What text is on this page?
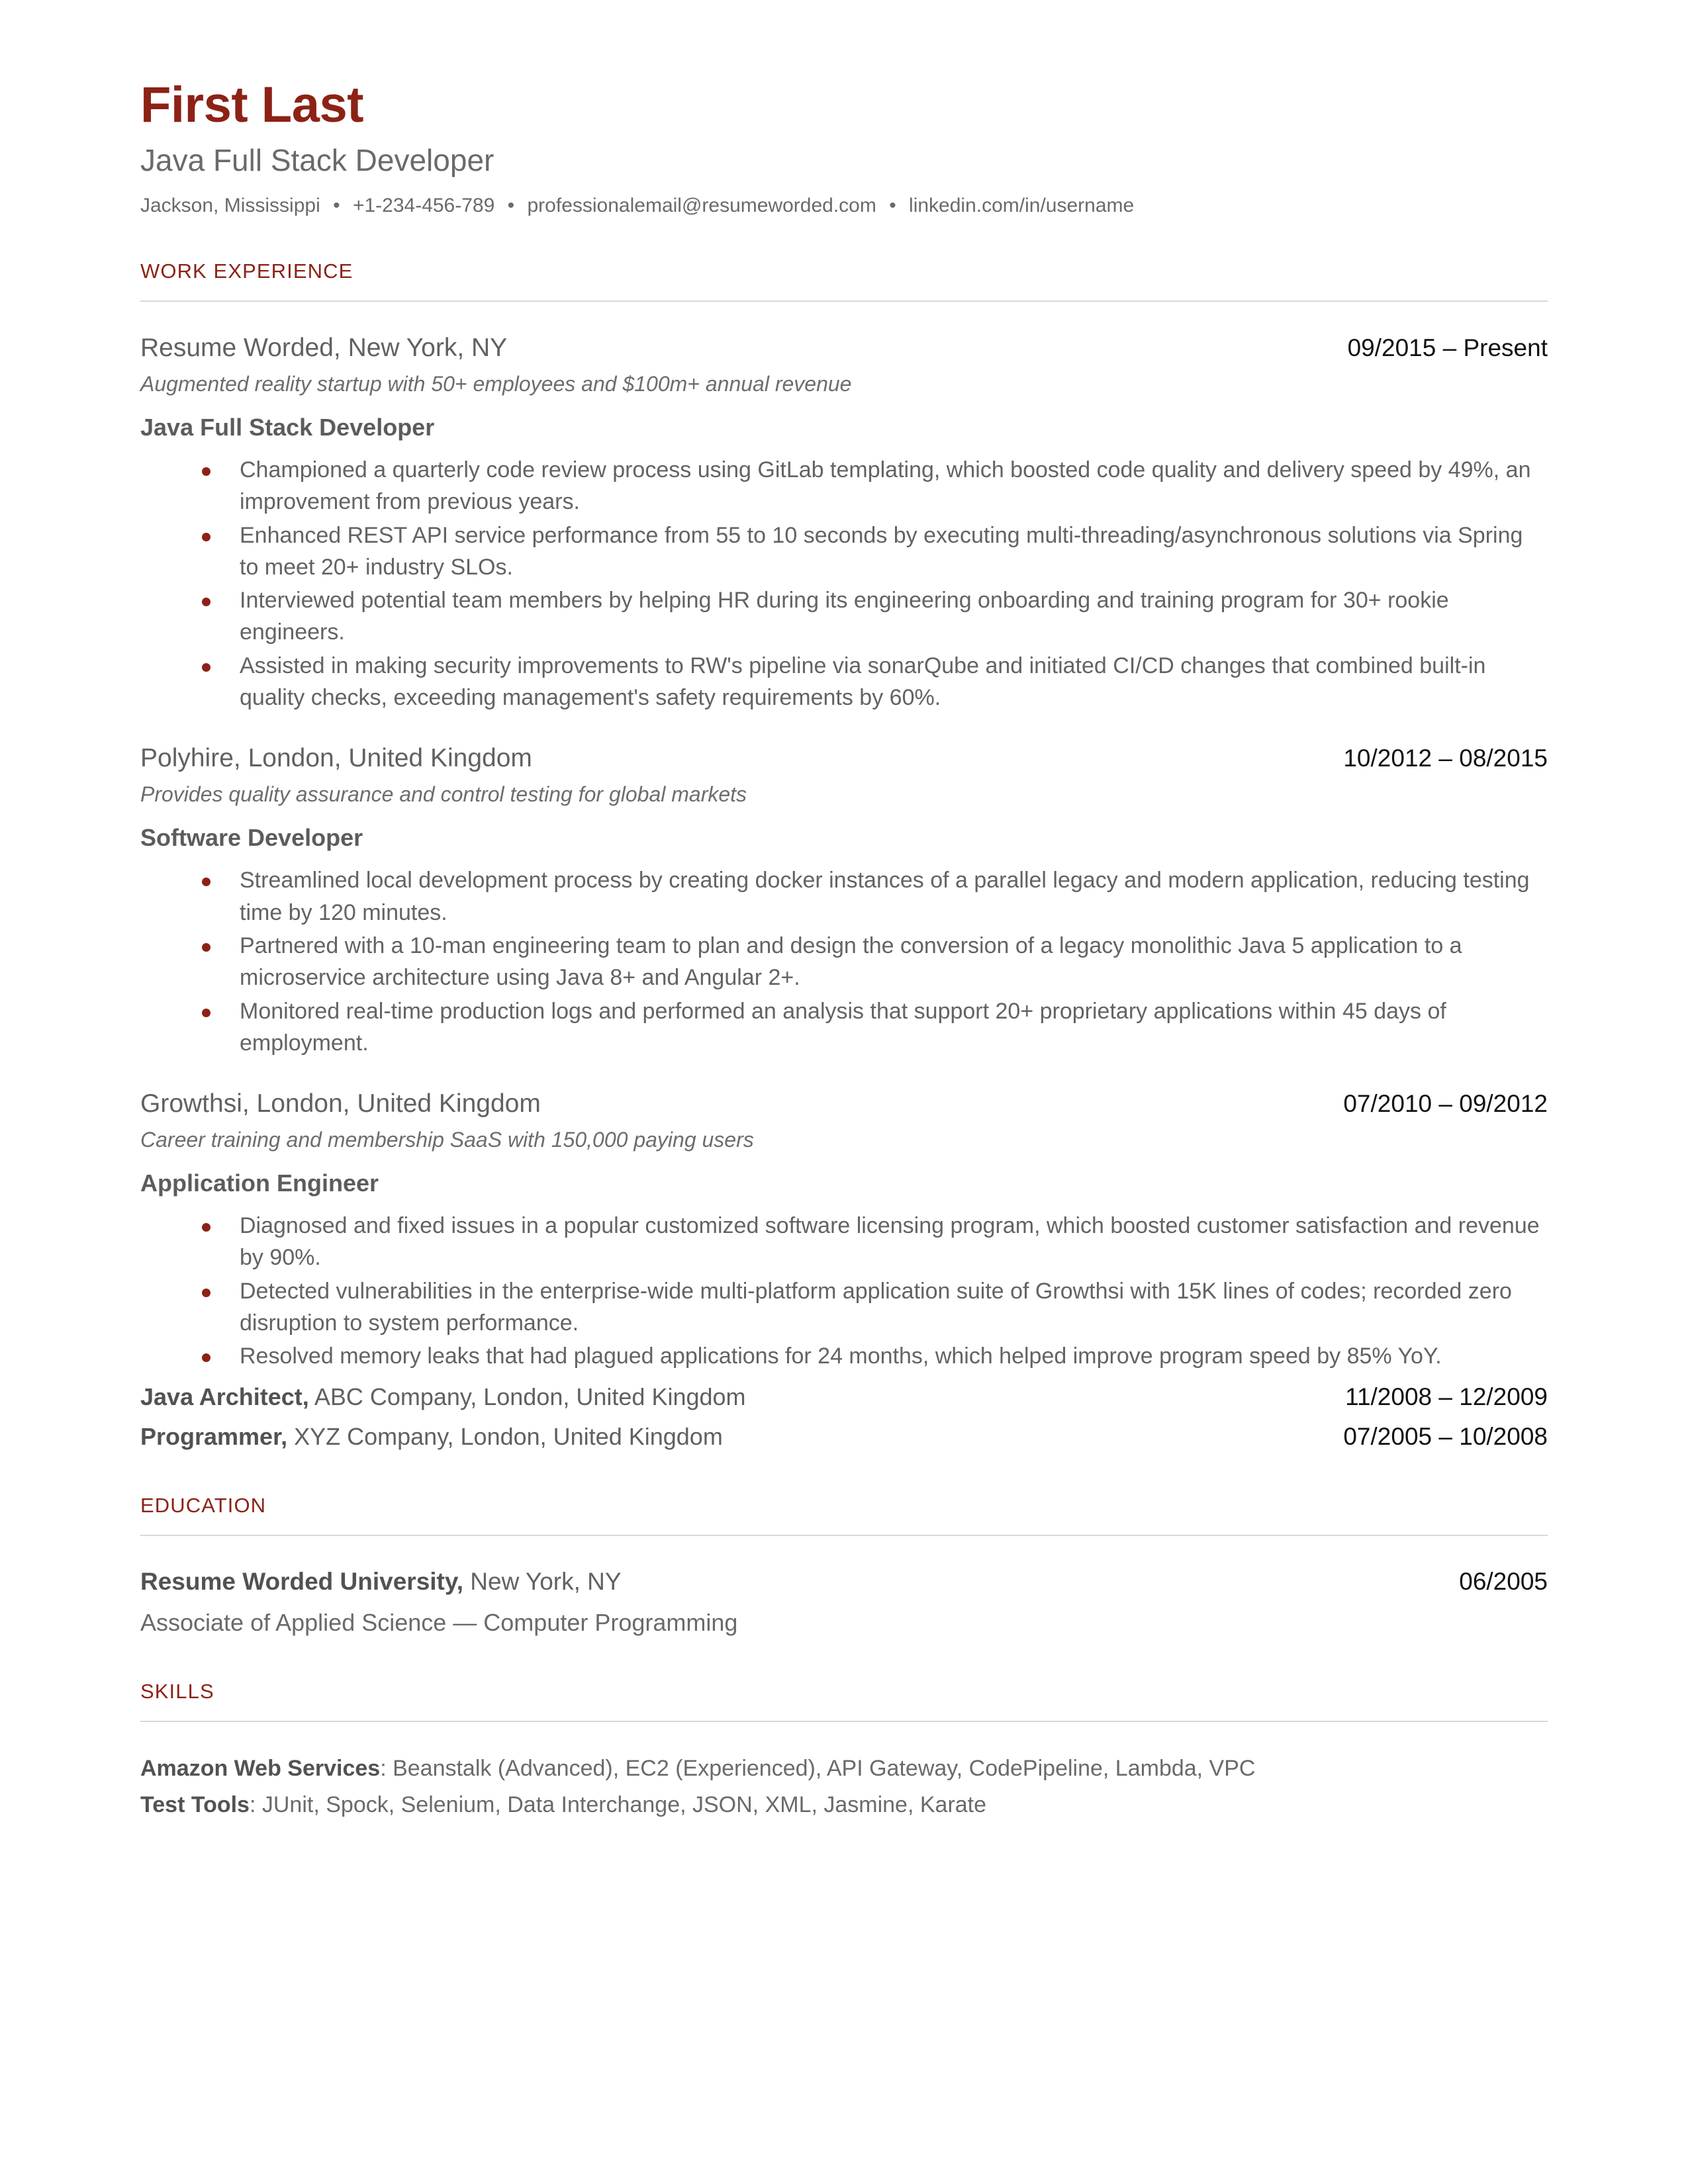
First Last
Java Full Stack Developer
Jackson, Mississippi • +1-234-456-789 • professionalemail@resumeworded.com • linkedin.com/in/username
WORK EXPERIENCE
Resume Worded, New York, NY	09/2015 – Present
Augmented reality startup with 50+ employees and $100m+ annual revenue
Java Full Stack Developer
Championed a quarterly code review process using GitLab templating, which boosted code quality and delivery speed by 49%, an improvement from previous years.
Enhanced REST API service performance from 55 to 10 seconds by executing multi-threading/asynchronous solutions via Spring to meet 20+ industry SLOs.
Interviewed potential team members by helping HR during its engineering onboarding and training program for 30+ rookie engineers.
Assisted in making security improvements to RW's pipeline via sonarQube and initiated CI/CD changes that combined built-in quality checks, exceeding management's safety requirements by 60%.
Polyhire, London, United Kingdom	10/2012 – 08/2015
Provides quality assurance and control testing for global markets
Software Developer
Streamlined local development process by creating docker instances of a parallel legacy and modern application, reducing testing time by 120 minutes.
Partnered with a 10-man engineering team to plan and design the conversion of a legacy monolithic Java 5 application to a microservice architecture using Java 8+ and Angular 2+.
Monitored real-time production logs and performed an analysis that support 20+ proprietary applications within 45 days of employment.
Growthsi, London, United Kingdom	07/2010 – 09/2012
Career training and membership SaaS with 150,000 paying users
Application Engineer
Diagnosed and fixed issues in a popular customized software licensing program, which boosted customer satisfaction and revenue by 90%.
Detected vulnerabilities in the enterprise-wide multi-platform application suite of Growthsi with 15K lines of codes; recorded zero disruption to system performance.
Resolved memory leaks that had plagued applications for 24 months, which helped improve program speed by 85% YoY.
Java Architect, ABC Company, London, United Kingdom	11/2008 – 12/2009
Programmer, XYZ Company, London, United Kingdom	07/2005 – 10/2008
EDUCATION
Resume Worded University, New York, NY	06/2005
Associate of Applied Science — Computer Programming
SKILLS
Amazon Web Services: Beanstalk (Advanced), EC2 (Experienced), API Gateway, CodePipeline, Lambda, VPC
Test Tools: JUnit, Spock, Selenium, Data Interchange, JSON, XML, Jasmine, Karate
